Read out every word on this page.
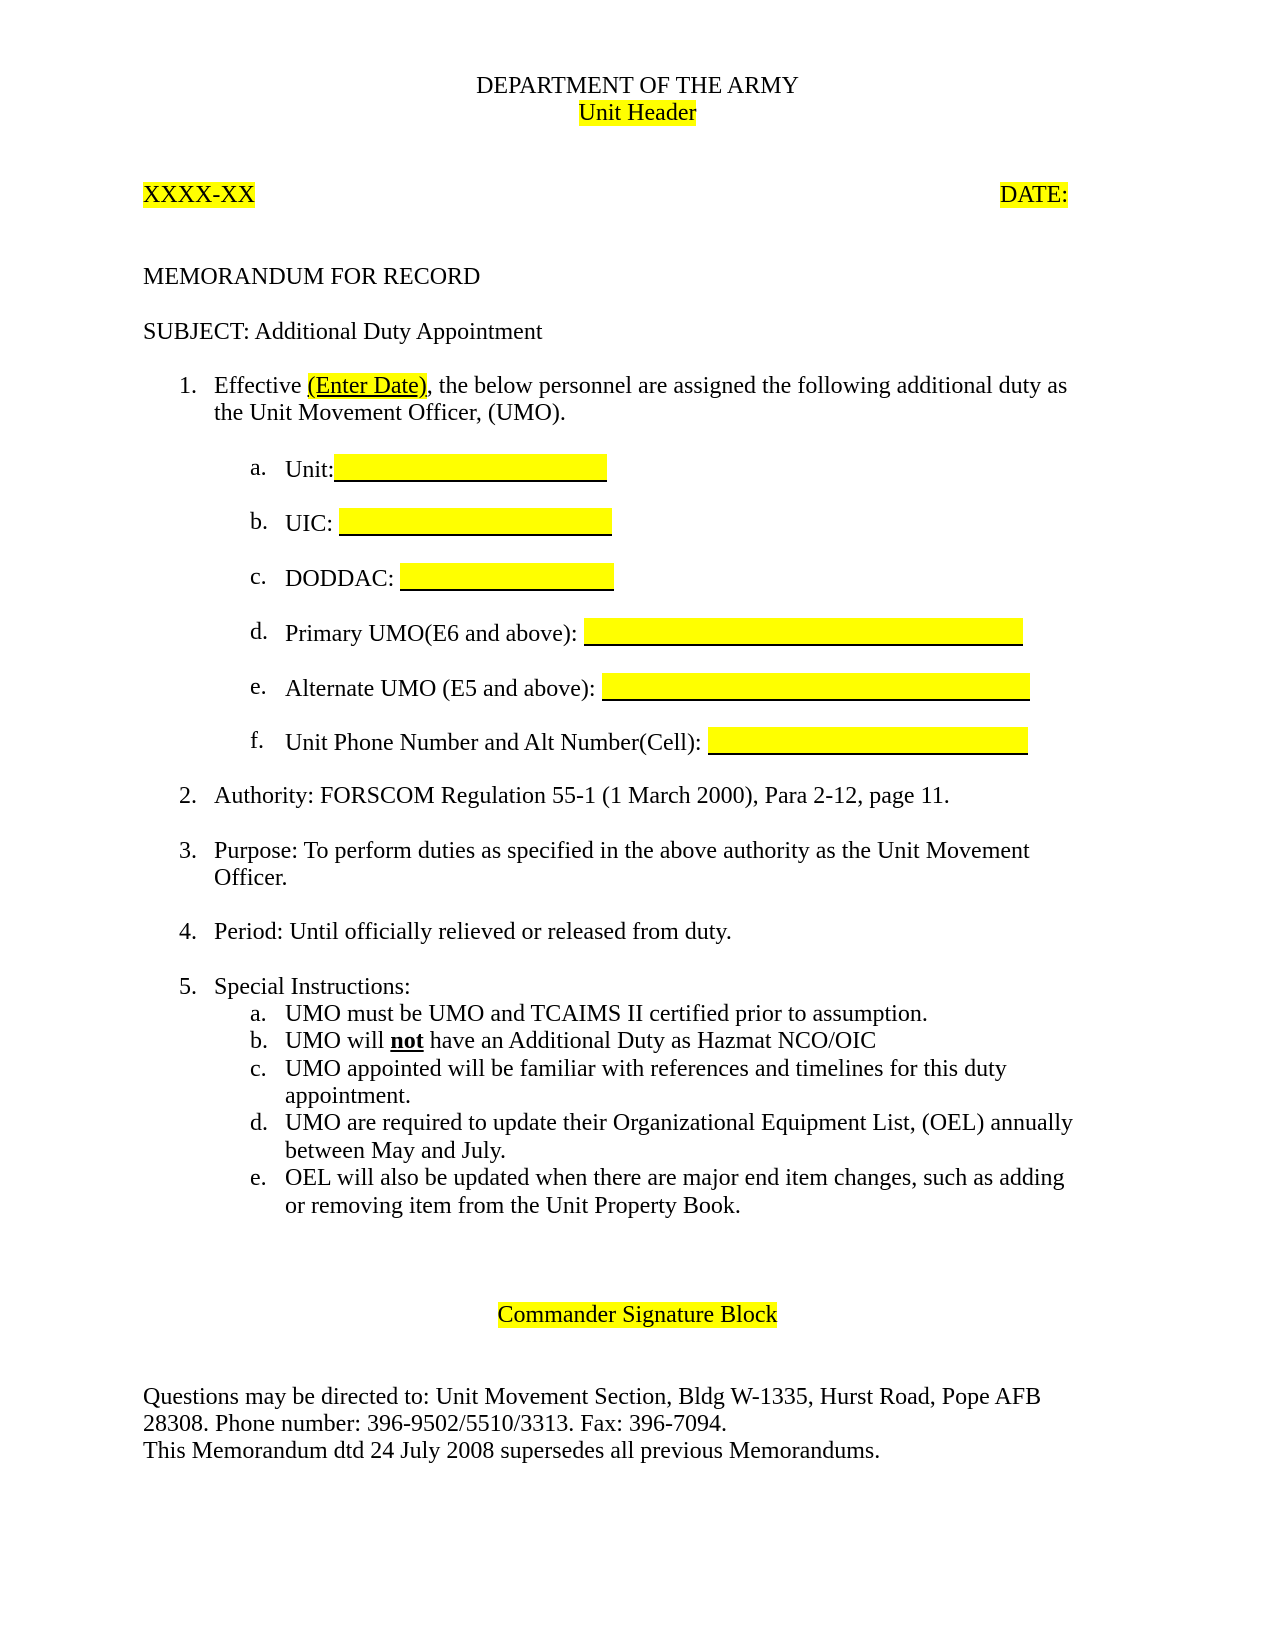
DEPARTMENT OF THE ARMY
Unit Header
XXXX-XX	DATE:
MEMORANDUM FOR RECORD
SUBJECT: Additional Duty Appointment
1. Effective (Enter Date), the below personnel are assigned the following additional duty as
the Unit Movement Officer, (UMO).
a. Unit:
b. UIC:
c. DODDAC:
d. Primary UMO(E6 and above):
e. Alternate UMO (E5 and above):
f. Unit Phone Number and Alt Number(Cell):
2. Authority: FORSCOM Regulation 55-1 (1 March 2000), Para 2-12, page 11.
3. Purpose: To perform duties as specified in the above authority as the Unit Movement
Officer.
4. Period: Until officially relieved or released from duty.
5. Special Instructions:
a. UMO must be UMO and TCAIMS II certified prior to assumption.
b. UMO will not have an Additional Duty as Hazmat NCO/OIC
c. UMO appointed will be familiar with references and timelines for this duty
appointment.
d. UMO are required to update their Organizational Equipment List, (OEL) annually
between May and July.
e. OEL will also be updated when there are major end item changes, such as adding
or removing item from the Unit Property Book.
Commander Signature Block
Questions may be directed to: Unit Movement Section, Bldg W-1335, Hurst Road, Pope AFB
28308. Phone number: 396-9502/5510/3313. Fax: 396-7094.
This Memorandum dtd 24 July 2008 supersedes all previous Memorandums.
